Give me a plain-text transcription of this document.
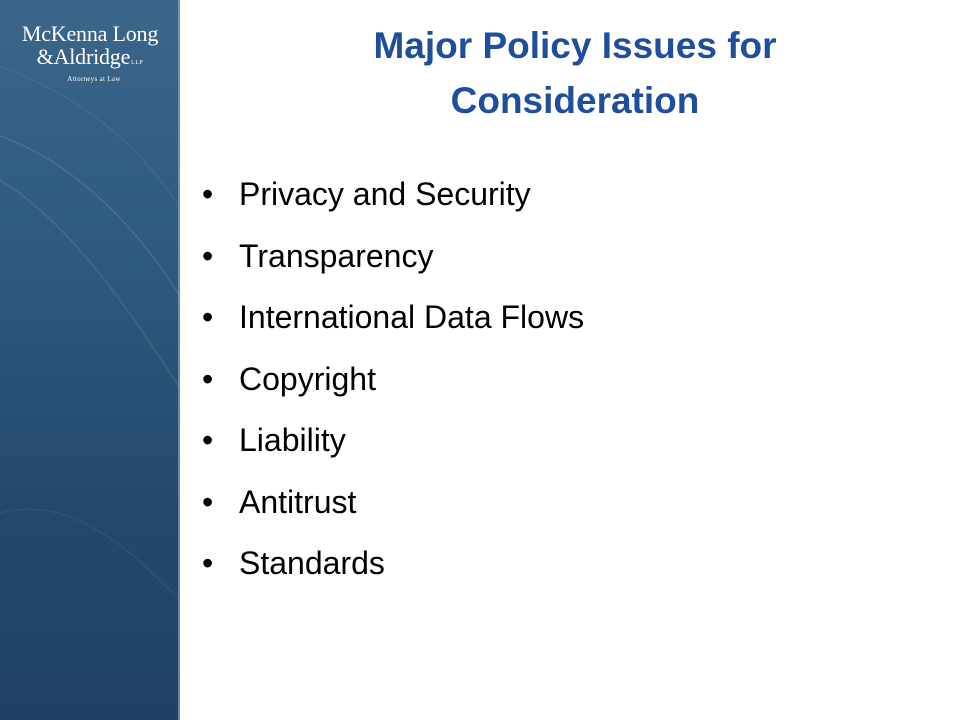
McKenna Long
&AldridgeLLP
Attorneys at Law
Major Policy Issues for Consideration
• Privacy and Security
• Transparency
• International Data Flows
• Copyright
• Liability
• Antitrust
• Standards
